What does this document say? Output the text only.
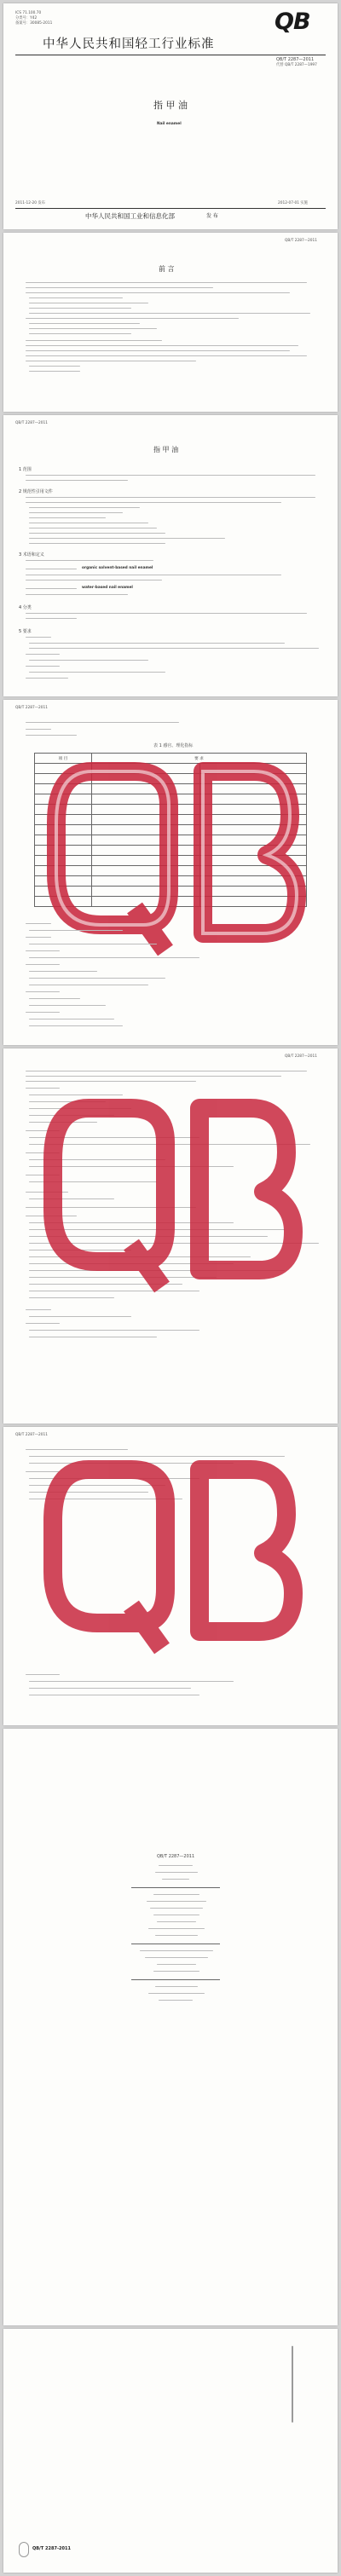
ICS 71.100.70
分类号：Y42
备案号：30085-2011	QB
中华人民共和国轻工行业标准
QB/T 2287—2011
代替 QB/T 2287—1997
指 甲 油
Nail enamel
2011-12-20 发布	2012-07-01 实施
中华人民共和国工业和信息化部	发 布
QB/T 2287—2011
前 言
QB/T 2287—2011
指 甲 油
1 范围
2 规范性引用文件
3 术语和定义
organic solvent-based nail enamel
water-based nail enamel
4 分类
5 要求
QB/T 2287—2011
表 1 感官、理化指标
项 目	要 求	

QB/T 2287—2011
QB/T 2287—2011
QB/T 2287—2011
QB/T 2287-2011
